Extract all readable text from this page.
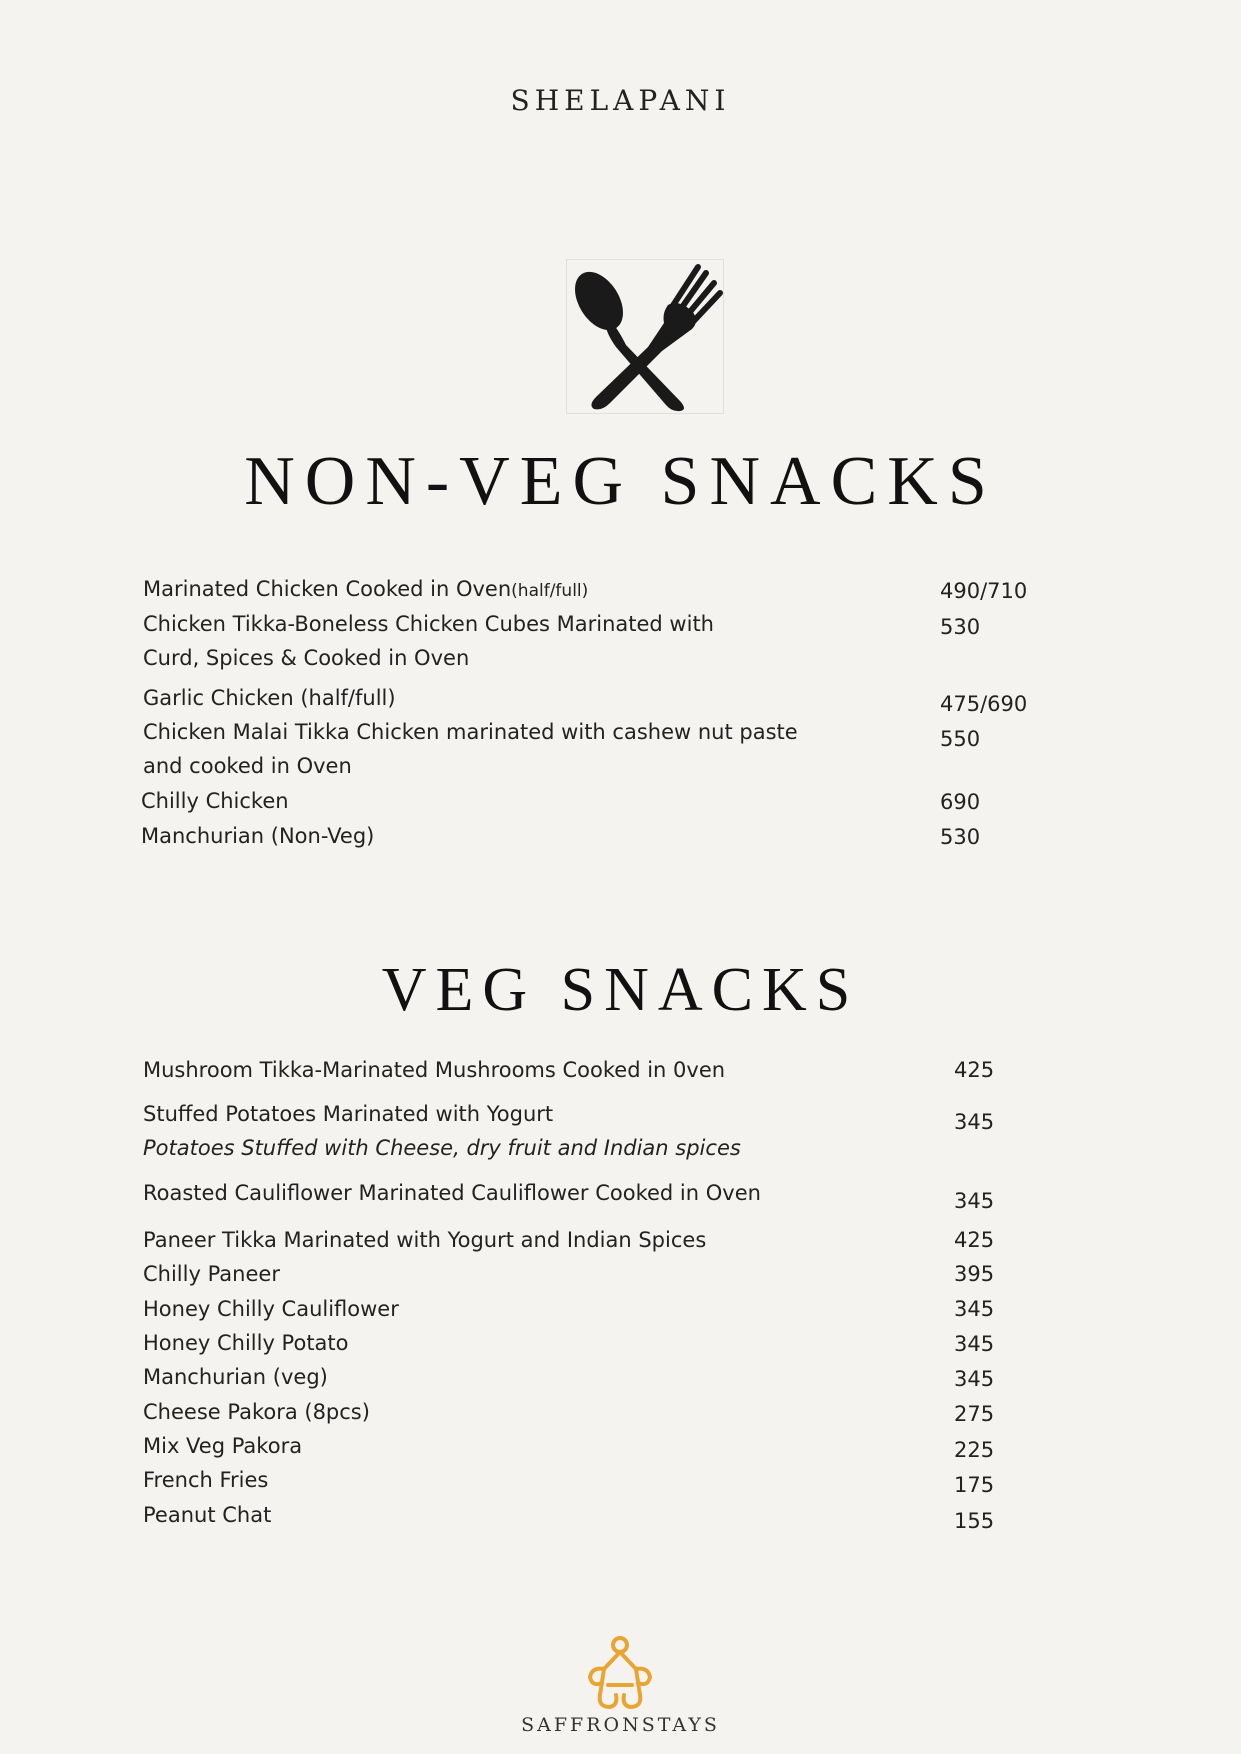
SHELAPANI
NON-VEG SNACKS
Marinated Chicken Cooked in Oven(half/full)	490/710
Chicken Tikka-Boneless Chicken Cubes Marinated with	530
Curd, Spices & Cooked in Oven
Garlic Chicken (half/full)	475/690
Chicken Malai Tikka Chicken marinated with cashew nut paste	550
and cooked in Oven
Chilly Chicken	690
Manchurian (Non-Veg)	530
VEG SNACKS
Mushroom Tikka-Marinated Mushrooms Cooked in 0ven	425
Stuffed Potatoes Marinated with Yogurt	345
Potatoes Stuffed with Cheese, dry fruit and Indian spices
Roasted Cauliflower Marinated Cauliflower Cooked in Oven	345
Paneer Tikka Marinated with Yogurt and Indian Spices	425
Chilly Paneer	395
Honey Chilly Cauliflower	345
Honey Chilly Potato	345
Manchurian (veg)	345
Cheese Pakora (8pcs)	275
Mix Veg Pakora	225
French Fries	175
Peanut Chat	155
SAFFRONSTAYS
